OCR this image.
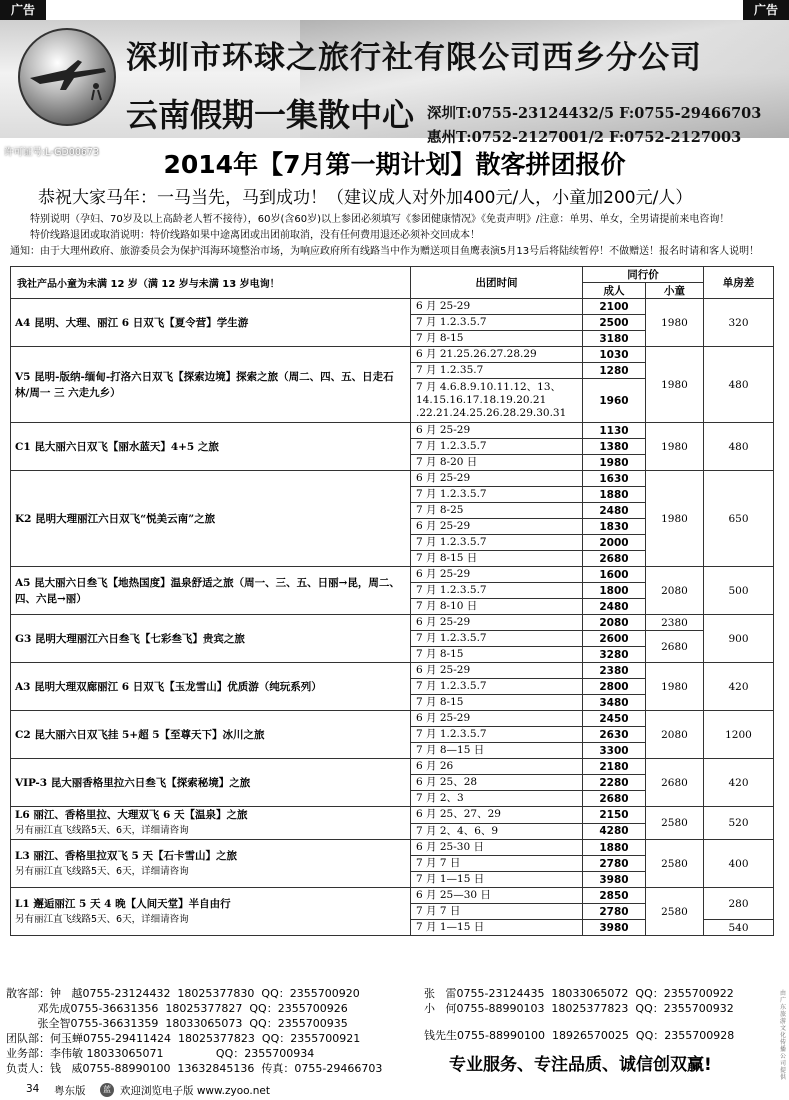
广告	广告
深圳市环球之旅行社有限公司西乡分公司
云南假期一集散中心 深圳T:0755-23124432/5 F:0755-29466703
惠州T:0752-2127001/2 F:0752-2127003
许可证号:L-GD00673	2014年【7月第一期计划】散客拼团报价
恭祝大家马年：一马当先，马到成功！（建议成人对外加400元/人，小童加200元/人）
特别说明（孕妇、70岁及以上高龄老人暂不接待），60岁(含60岁)以上参团必须填写《参团健康情况》《免责声明》/注意：单男、单女，全男请提前来电咨询！
特价线路退团或取消说明：特价线路如果中途离团或出团前取消，没有任何费用退还必须补交回成本！
通知：由于大理州政府、旅游委员会为保护洱海环境整治市场，为响应政府所有线路当中作为赠送项目鱼鹰表演5月13号后将陆续暂停！不做赠送！报名时请和客人说明！
我社产品小童为未满 12 岁（满 12 岁与未满 13 岁电询！	出团时间	同行价		单房差
		成人	小童	

A4 昆明、大理、丽江 6 日双飞【夏令营】学生游	6 月 25-29	2100	1980	320
	7 月 1.2.3.5.7	2500		
	7 月 8-15	3180		

V5 昆明-版纳-缅甸-打洛六日双飞【探索边境】探索之旅（周二、四、五、日走石林/周一 三 六走九乡）	6 月 21.25.26.27.28.29	1030	1980	480
	7 月 1.2.35.7	1280		
	7 月 4.6.8.9.10.11.12、13、14.15.16.17.18.19.20.21 .22.21.24.25.26.28.29.30.31	1960		

C1 昆大丽六日双飞【丽水蓝天】4+5 之旅	6 月 25-29	1130	1980	480
	7 月 1.2.3.5.7	1380		
	7 月 8-20 日	1980		

K2 昆明大理丽江六日双飞“悦美云南”之旅	6 月 25-29	1630	1980	650
	7 月 1.2.3.5.7	1880		
	7 月 8-25	2480		
	6 月 25-29	1830		
	7 月 1.2.3.5.7	2000		
	7 月 8-15 日	2680		

A5 昆大丽六日叁飞【地热国度】温泉舒适之旅（周一、三、五、日丽→昆，周二、四、六昆→丽）	6 月 25-29	1600	2080	500
	7 月 1.2.3.5.7	1800		
	7 月 8-10 日	2480		

G3 昆明大理丽江六日叁飞【七彩叁飞】贵宾之旅	6 月 25-29	2080	2380	900
	7 月 1.2.3.5.7	2600	2680	
	7 月 8-15	3280		

A3 昆明大理双廊丽江 6 日双飞【玉龙雪山】优质游（纯玩系列）	6 月 25-29	2380	1980	420
	7 月 1.2.3.5.7	2800		
	7 月 8-15	3480		

C2 昆大丽六日双飞挂 5+超 5【至尊天下】冰川之旅	6 月 25-29	2450	2080	1200
	7 月 1.2.3.5.7	2630		
	7 月 8—15 日	3300		

VIP-3 昆大丽香格里拉六日叁飞【探索秘境】之旅	6 月 26	2180	2680	420
	6 月 25、28	2280		
	7 月 2、3	2680		

L6 丽江、香格里拉、大理双飞 6 天【温泉】之旅
另有丽江直飞线路5天、6天，详细请咨询	6 月 25、27、29	2150	2580	520
	7 月 2、4、6、9	4280		

L3 丽江、香格里拉双飞 5 天【石卡雪山】之旅
另有丽江直飞线路5天、6天，详细请咨询	6 月 25-30 日	1880	2580	400
	7 月 7 日	2780		
	7 月 1—15 日	3980		

L1 邂逅丽江 5 天 4 晚【人间天堂】半自由行
另有丽江直飞线路5天、6天，详细请咨询	6 月 25—30 日	2850	2580	280
	7 月 7 日	2780		
	7 月 1—15 日	3980		540
散客部：钟   越0755-23124432  18025377830  QQ：2355700920
邓先成0755-36631356  18025377827  QQ：2355700926
张全智0755-36631359  18033065073  QQ：2355700935
团队部：何玉蝉0755-29411424  18025377823  QQ：2355700921
业务部：李伟敏 18033065071               QQ：2355700934
负责人：钱   威0755-88990100  13632845136  传真：0755-29466703
张   雷0755-23124435  18033065072  QQ：2355700922
小   何0755-88990103  18025377823  QQ：2355700932
钱先生0755-88990100  18926570025  QQ：2355700928
专业服务、专注品质、诚信创双赢!
34 粤东版	蓝 欢迎浏览电子版 www.zyoo.net
由广东旅游文化传播公司提供
